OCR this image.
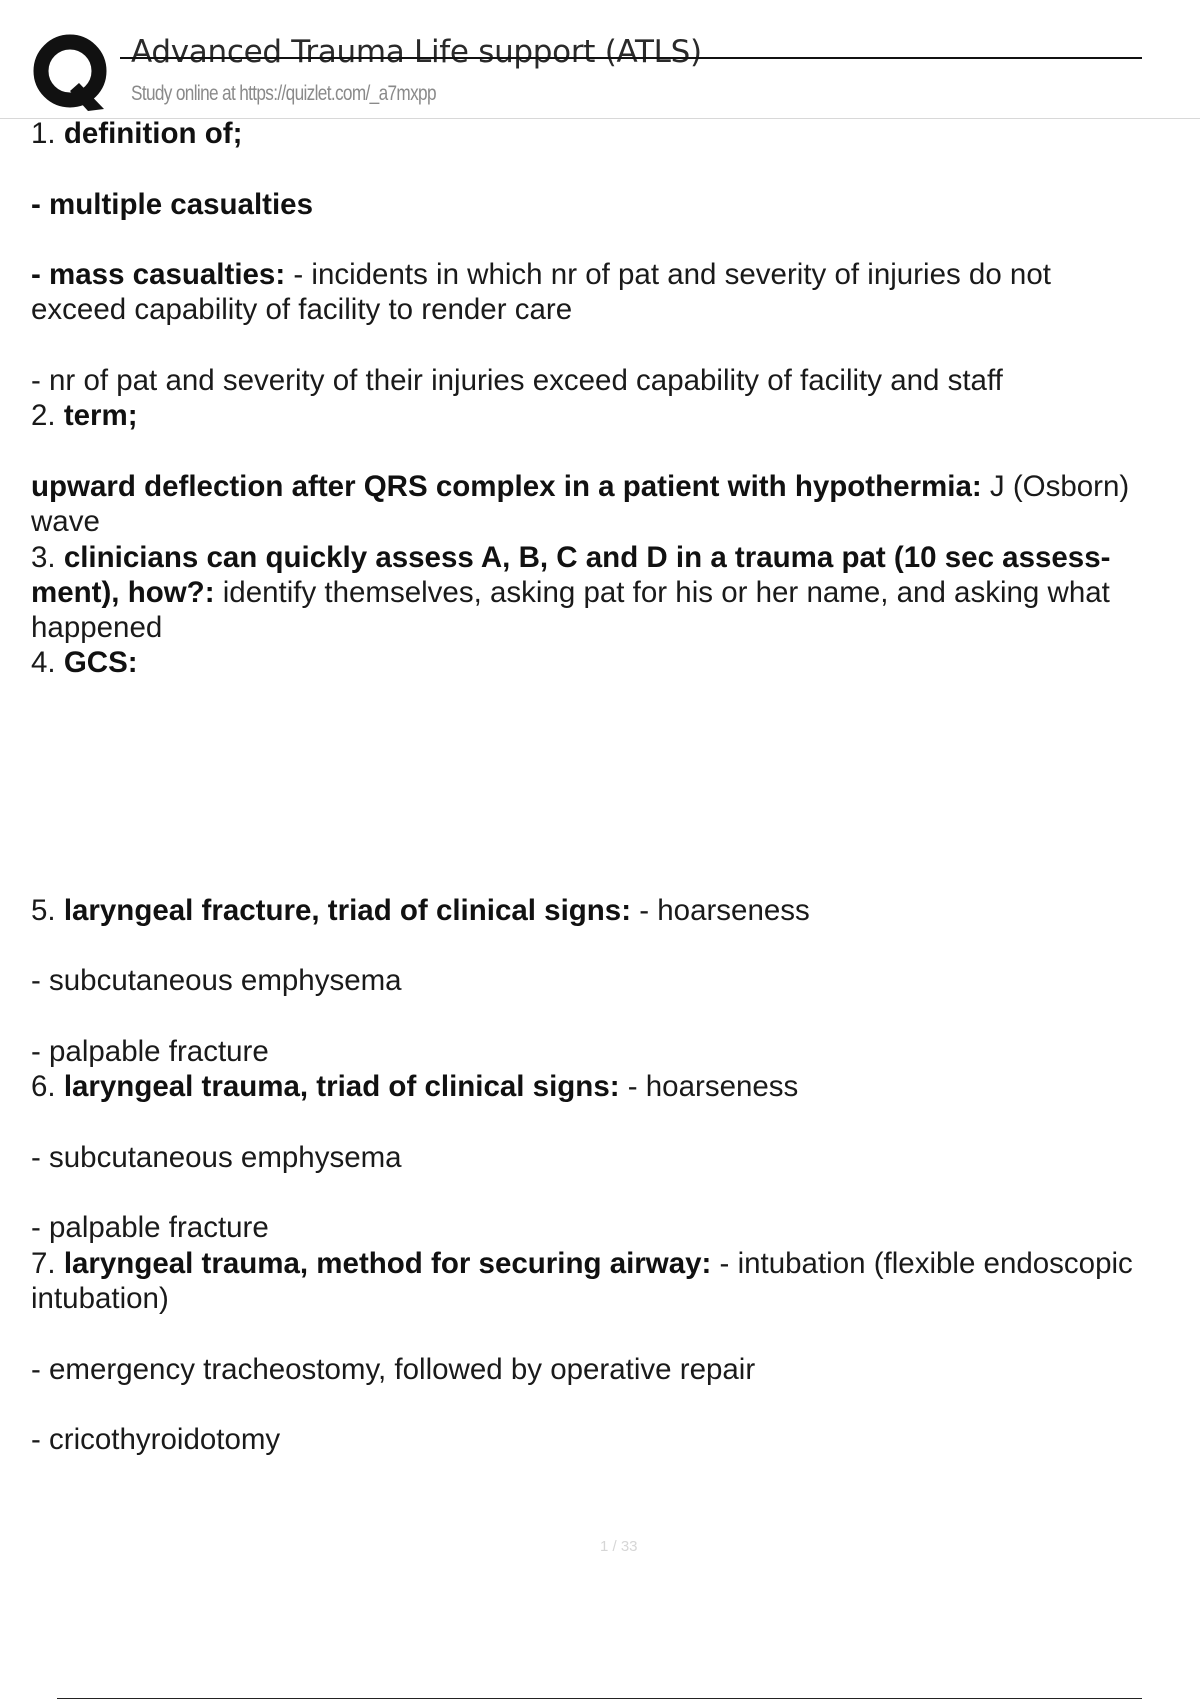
Advanced Trauma Life support (ATLS)
Study online at https://quizlet.com/_a7mxpp
1. definition of;
- multiple casualties
- mass casualties: - incidents in which nr of pat and severity of injuries do not
exceed capability of facility to render care
- nr of pat and severity of their injuries exceed capability of facility and staff
2. term;
upward deflection after QRS complex in a patient with hypothermia: J (Osborn)
wave
3. clinicians can quickly assess A, B, C and D in a trauma pat (10 sec assess-
ment), how?: identify themselves, asking pat for his or her name, and asking what
happened
4. GCS:
5. laryngeal fracture, triad of clinical signs: - hoarseness
- subcutaneous emphysema
- palpable fracture
6. laryngeal trauma, triad of clinical signs: - hoarseness
- subcutaneous emphysema
- palpable fracture
7. laryngeal trauma, method for securing airway: - intubation (flexible endoscopic
intubation)
- emergency tracheostomy, followed by operative repair
- cricothyroidotomy
1 / 33
